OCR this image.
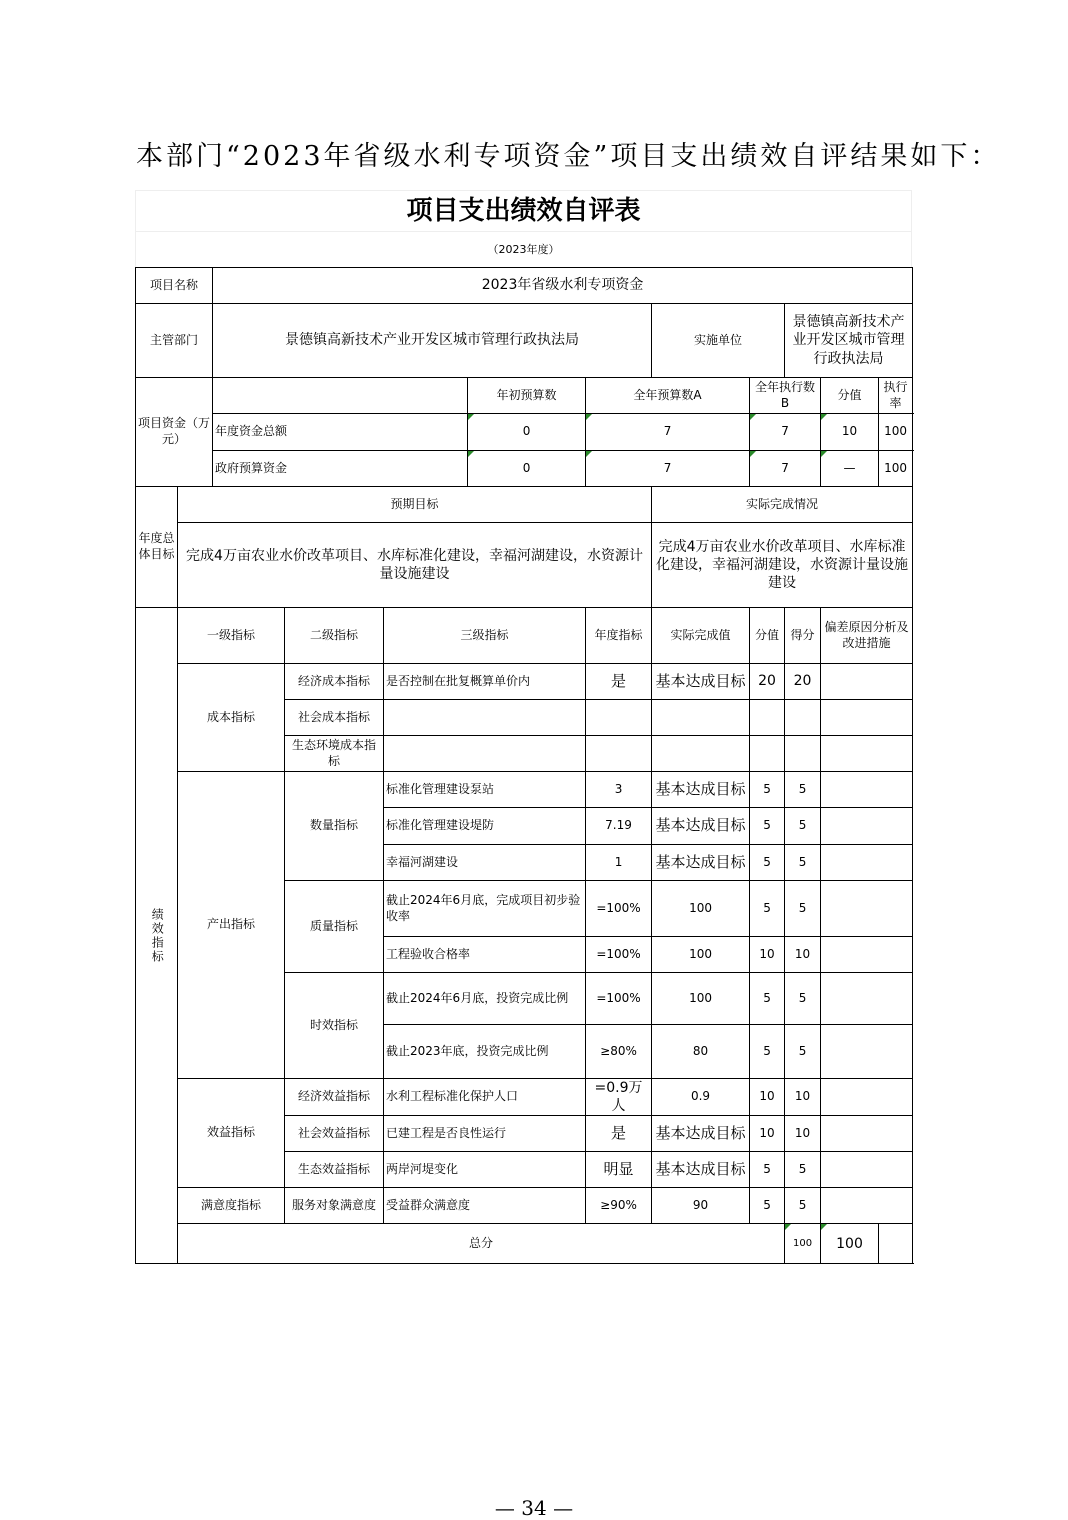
本部门“2023年省级水利专项资金”项目支出绩效自评结果如下：
项目支出绩效自评表
（2023年度）
项目名称		2023年省级水利专项资金									
主管部门		景德镇高新技术产业开发区城市管理行政执法局					实施单位		景德镇高新技术产业开发区城市管理行政执法局		
项目资金（万元）					年初预算数	全年预算数A		全年执行数B		分值	执行率
		年度资金总额			0	7		7		10	100
		政府预算资金			0	7		7		—	100
年度总体目标	预期目标						实际完成情况				
	完成4万亩农业水价改革项目、水库标准化建设，幸福河湖建设，水资源计量设施建设						完成4万亩农业水价改革项目、水库标准化建设，幸福河湖建设，水资源计量设施建设				
绩效指标	一级指标		二级指标	三级指标		年度指标	实际完成值	分值	得分	偏差原因分析及改进措施	
	成本指标		经济成本指标	是否控制在批复概算单价内		是	基本达成目标	20	20		
			社会成本指标								
			生态环境成本指标								
	产出指标		数量指标	标准化管理建设泵站		3	基本达成目标	5	5		
				标准化管理建设堤防		7.19	基本达成目标	5	5		
				幸福河湖建设		1	基本达成目标	5	5		
			质量指标	截止2024年6月底，完成项目初步验收率		=100%	100	5	5		
				工程验收合格率		=100%	100	10	10		
			时效指标	截止2024年6月底，投资完成比例		=100%	100	5	5		
				截止2023年底，投资完成比例		≥80%	80	5	5		
	效益指标		经济效益指标	水利工程标准化保护人口		=0.9万人	0.9	10	10		
			社会效益指标	已建工程是否良性运行		是	基本达成目标	10	10		
			生态效益指标	两岸河堤变化		明显	基本达成目标	5	5		
	满意度指标		服务对象满意度	受益群众满意度		≥90%	90	5	5		
	总分								100	100	
— 34 —
